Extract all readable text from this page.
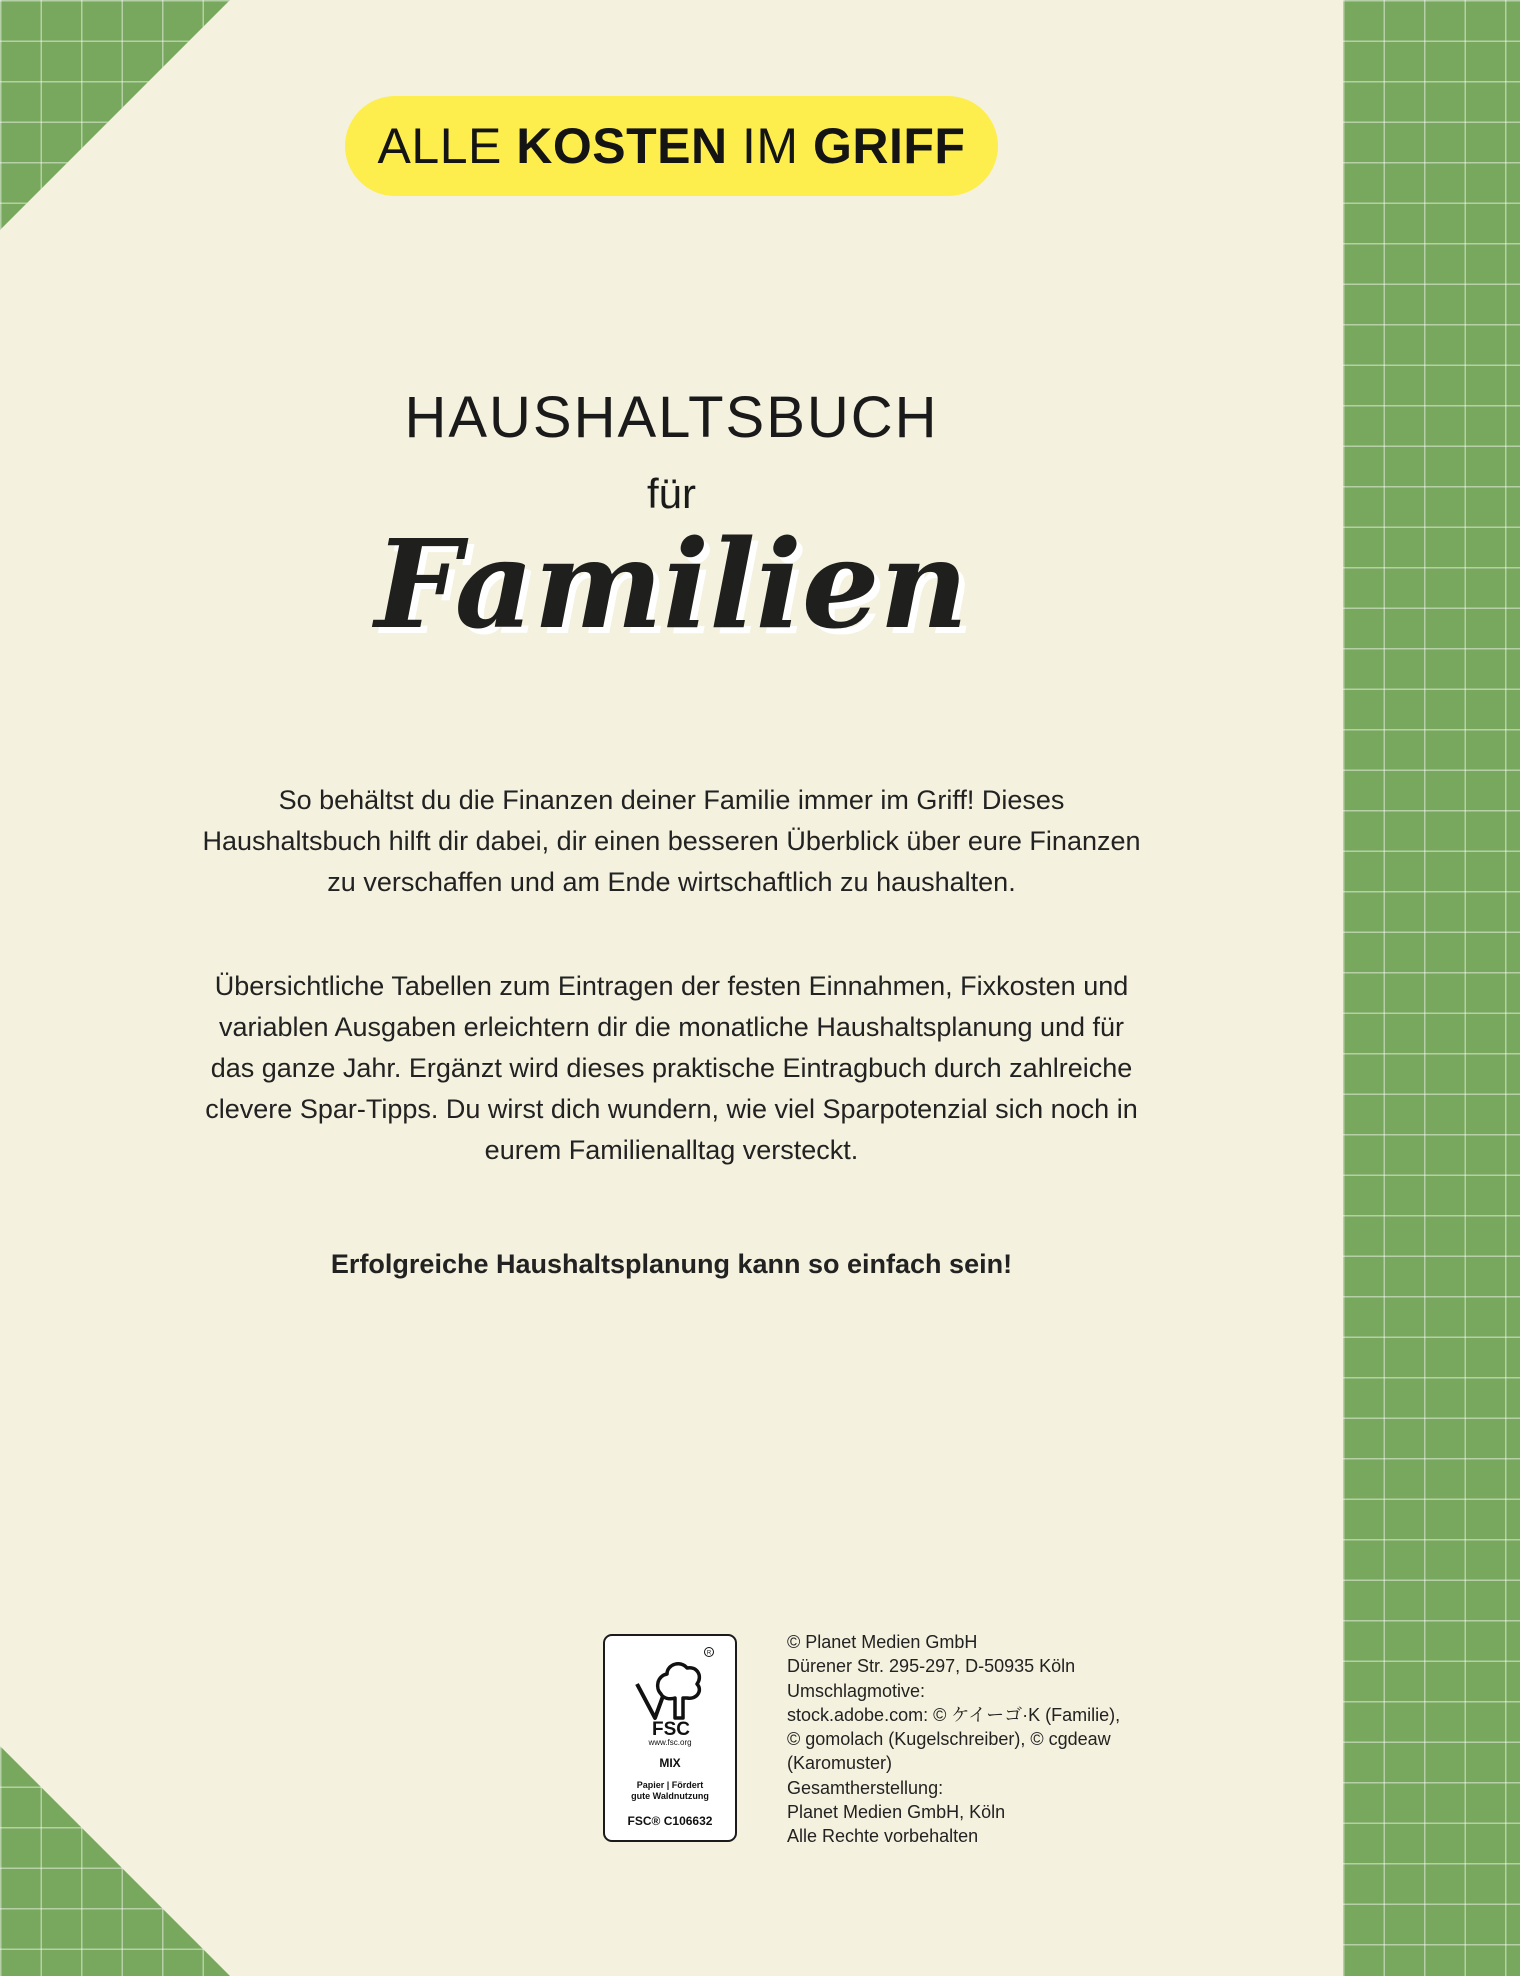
ALLE KOSTEN IM GRIFF
HAUSHALTSBUCH
für
Familien

So behältst du die Finanzen deiner Familie immer im Griff! Dieses Haushaltsbuch hilft dir dabei, dir einen besseren Überblick über eure Finanzen zu verschaffen und am Ende wirtschaftlich zu haushalten.

Übersichtliche Tabellen zum Eintragen der festen Einnahmen, Fixkosten und variablen Ausgaben erleichtern dir die monatliche Haushaltsplanung und für das ganze Jahr. Ergänzt wird dieses praktische Eintragbuch durch zahlreiche clevere Spar-Tipps. Du wirst dich wundern, wie viel Sparpotenzial sich noch in eurem Familienalltag versteckt.

Erfolgreiche Haushaltsplanung kann so einfach sein!

R
FSC
www.fsc.org
MIX
Papier | Fördert
gute Waldnutzung
FSC® C106632
© Planet Medien GmbH
Dürener Str. 295-297, D-50935 Köln
Umschlagmotive:
stock.adobe.com: © ケイーゴ·K (Familie),
© gomolach (Kugelschreiber), © cgdeaw
(Karomuster)
Gesamtherstellung:
Planet Medien GmbH, Köln
Alle Rechte vorbehalten
